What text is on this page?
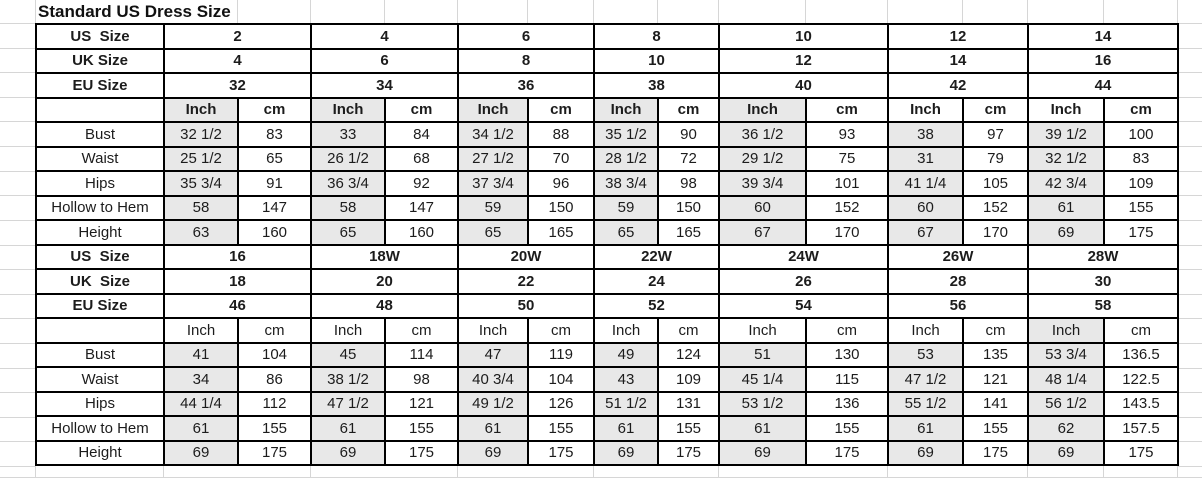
Standard US Dress Size
US  Size	2		4		6		8		10		12		14	
UK Size	4		6		8		10		12		14		16	
EU Size	32		34		36		38		40		42		44	
	Inch	cm	Inch	cm	Inch	cm	Inch	cm	Inch	cm	Inch	cm	Inch	cm
Bust	32 1/2	83	33	84	34 1/2	88	35 1/2	90	36 1/2	93	38	97	39 1/2	100
Waist	25 1/2	65	26 1/2	68	27 1/2	70	28 1/2	72	29 1/2	75	31	79	32 1/2	83
Hips	35 3/4	91	36 3/4	92	37 3/4	96	38 3/4	98	39 3/4	101	41 1/4	105	42 3/4	109
Hollow to Hem	58	147	58	147	59	150	59	150	60	152	60	152	61	155
Height	63	160	65	160	65	165	65	165	67	170	67	170	69	175
US  Size	16		18W		20W		22W		24W		26W		28W	
UK  Size	18		20		22		24		26		28		30	
EU Size	46		48		50		52		54		56		58	
	Inch	cm	Inch	cm	Inch	cm	Inch	cm	Inch	cm	Inch	cm	Inch	cm
Bust	41	104	45	114	47	119	49	124	51	130	53	135	53 3/4	136.5
Waist	34	86	38 1/2	98	40 3/4	104	43	109	45 1/4	115	47 1/2	121	48 1/4	122.5
Hips	44 1/4	112	47 1/2	121	49 1/2	126	51 1/2	131	53 1/2	136	55 1/2	141	56 1/2	143.5
Hollow to Hem	61	155	61	155	61	155	61	155	61	155	61	155	62	157.5
Height	69	175	69	175	69	175	69	175	69	175	69	175	69	175
